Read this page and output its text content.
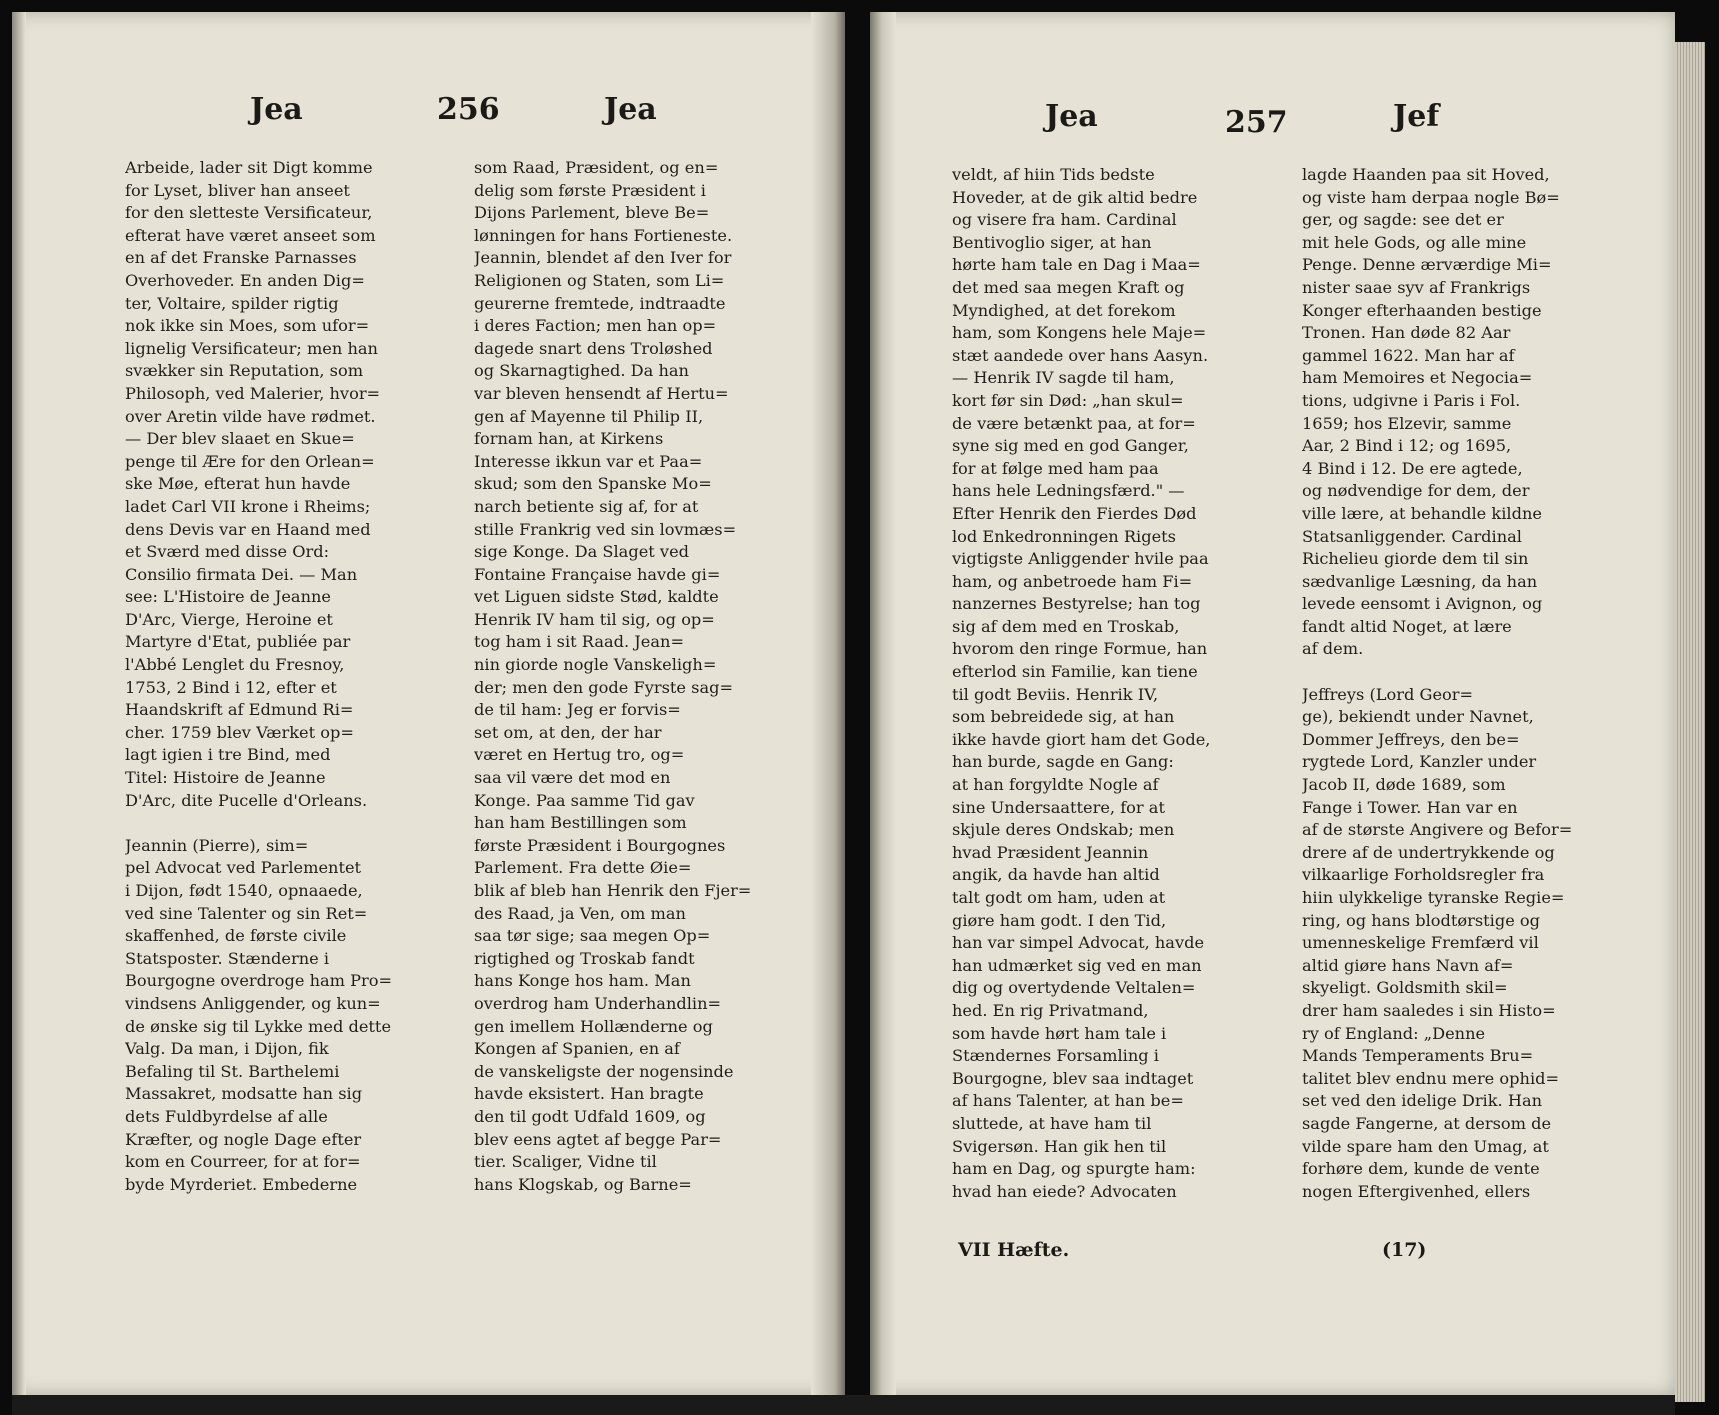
Jea	256	Jea
Arbeide, lader sit Digt komme
for Lyset, bliver han anseet
for den sletteste Versificateur,
efterat have været anseet som
en af det Franske Parnasses
Overhoveder. En anden Dig=
ter, Voltaire, spilder rigtig
nok ikke sin Moes, som ufor=
lignelig Versificateur; men han
svækker sin Reputation, som
Philosoph, ved Malerier, hvor=
over Aretin vilde have rødmet.
— Der blev slaaet en Skue=
penge til Ære for den Orlean=
ske Møe, efterat hun havde
ladet Carl VII krone i Rheims;
dens Devis var en Haand med
et Sværd med disse Ord:
Consilio firmata Dei. — Man
see: L'Histoire de Jeanne
D'Arc, Vierge, Heroine et
Martyre d'Etat, publiée par
l'Abbé Lenglet du Fresnoy,
1753, 2 Bind i 12, efter et
Haandskrift af Edmund Ri=
cher. 1759 blev Værket op=
lagt igien i tre Bind, med
Titel: Histoire de Jeanne
D'Arc, dite Pucelle d'Orleans.

Jeannin (Pierre), sim=
pel Advocat ved Parlementet
i Dijon, født 1540, opnaaede,
ved sine Talenter og sin Ret=
skaffenhed, de første civile
Statsposter. Stænderne i
Bourgogne overdroge ham Pro=
vindsens Anliggender, og kun=
de ønske sig til Lykke med dette
Valg. Da man, i Dijon, fik
Befaling til St. Barthelemi
Massakret, modsatte han sig
dets Fuldbyrdelse af alle
Kræfter, og nogle Dage efter
kom en Courreer, for at for=
byde Myrderiet. Embederne
som Raad, Præsident, og en=
delig som første Præsident i
Dijons Parlement, bleve Be=
lønningen for hans Fortieneste.
Jeannin, blendet af den Iver for
Religionen og Staten, som Li=
geurerne fremtede, indtraadte
i deres Faction; men han op=
dagede snart dens Troløshed
og Skarnagtighed. Da han
var bleven hensendt af Hertu=
gen af Mayenne til Philip II,
fornam han, at Kirkens
Interesse ikkun var et Paa=
skud; som den Spanske Mo=
narch betiente sig af, for at
stille Frankrig ved sin lovmæs=
sige Konge. Da Slaget ved
Fontaine Française havde gi=
vet Liguen sidste Stød, kaldte
Henrik IV ham til sig, og op=
tog ham i sit Raad. Jean=
nin giorde nogle Vanskeligh=
der; men den gode Fyrste sag=
de til ham: Jeg er forvis=
set om, at den, der har
været en Hertug tro, og=
saa vil være det mod en
Konge. Paa samme Tid gav
han ham Bestillingen som
første Præsident i Bourgognes
Parlement. Fra dette Øie=
blik af bleb han Henrik den Fjer=
des Raad, ja Ven, om man
saa tør sige; saa megen Op=
rigtighed og Troskab fandt
hans Konge hos ham. Man
overdrog ham Underhandlin=
gen imellem Hollænderne og
Kongen af Spanien, en af
de vanskeligste der nogensinde
havde eksistert. Han bragte
den til godt Udfald 1609, og
blev eens agtet af begge Par=
tier. Scaliger, Vidne til
hans Klogskab, og Barne=
Jea	257	Jef
veldt, af hiin Tids bedste
Hoveder, at de gik altid bedre
og visere fra ham. Cardinal
Bentivoglio siger, at han
hørte ham tale en Dag i Maa=
det med saa megen Kraft og
Myndighed, at det forekom
ham, som Kongens hele Maje=
stæt aandede over hans Aasyn.
— Henrik IV sagde til ham,
kort før sin Død: „han skul=
de være betænkt paa, at for=
syne sig med en god Ganger,
for at følge med ham paa
hans hele Ledningsfærd." —
Efter Henrik den Fierdes Død
lod Enkedronningen Rigets
vigtigste Anliggender hvile paa
ham, og anbetroede ham Fi=
nanzernes Bestyrelse; han tog
sig af dem med en Troskab,
hvorom den ringe Formue, han
efterlod sin Familie, kan tiene
til godt Beviis. Henrik IV,
som bebreidede sig, at han
ikke havde giort ham det Gode,
han burde, sagde en Gang:
at han forgyldte Nogle af
sine Undersaattere, for at
skjule deres Ondskab; men
hvad Præsident Jeannin
angik, da havde han altid
talt godt om ham, uden at
giøre ham godt. I den Tid,
han var simpel Advocat, havde
han udmærket sig ved en man
dig og overtydende Veltalen=
hed. En rig Privatmand,
som havde hørt ham tale i
Stændernes Forsamling i
Bourgogne, blev saa indtaget
af hans Talenter, at han be=
sluttede, at have ham til
Svigersøn. Han gik hen til
ham en Dag, og spurgte ham:
hvad han eiede? Advocaten
lagde Haanden paa sit Hoved,
og viste ham derpaa nogle Bø=
ger, og sagde: see det er
mit hele Gods, og alle mine
Penge. Denne ærværdige Mi=
nister saae syv af Frankrigs
Konger efterhaanden bestige
Tronen. Han døde 82 Aar
gammel 1622. Man har af
ham Memoires et Negocia=
tions, udgivne i Paris i Fol.
1659; hos Elzevir, samme
Aar, 2 Bind i 12; og 1695,
4 Bind i 12. De ere agtede,
og nødvendige for dem, der
ville lære, at behandle kildne
Statsanliggender. Cardinal
Richelieu giorde dem til sin
sædvanlige Læsning, da han
levede eensomt i Avignon, og
fandt altid Noget, at lære
af dem.

Jeffreys (Lord Geor=
ge), bekiendt under Navnet,
Dommer Jeffreys, den be=
rygtede Lord, Kanzler under
Jacob II, døde 1689, som
Fange i Tower. Han var en
af de største Angivere og Befor=
drere af de undertrykkende og
vilkaarlige Forholdsregler fra
hiin ulykkelige tyranske Regie=
ring, og hans blodtørstige og
umenneskelige Fremfærd vil
altid giøre hans Navn af=
skyeligt. Goldsmith skil=
drer ham saaledes i sin Histo=
ry of England: „Denne
Mands Temperaments Bru=
talitet blev endnu mere ophid=
set ved den idelige Drik. Han
sagde Fangerne, at dersom de
vilde spare ham den Umag, at
forhøre dem, kunde de vente
nogen Eftergivenhed, ellers
VII Hæfte.	(17)
